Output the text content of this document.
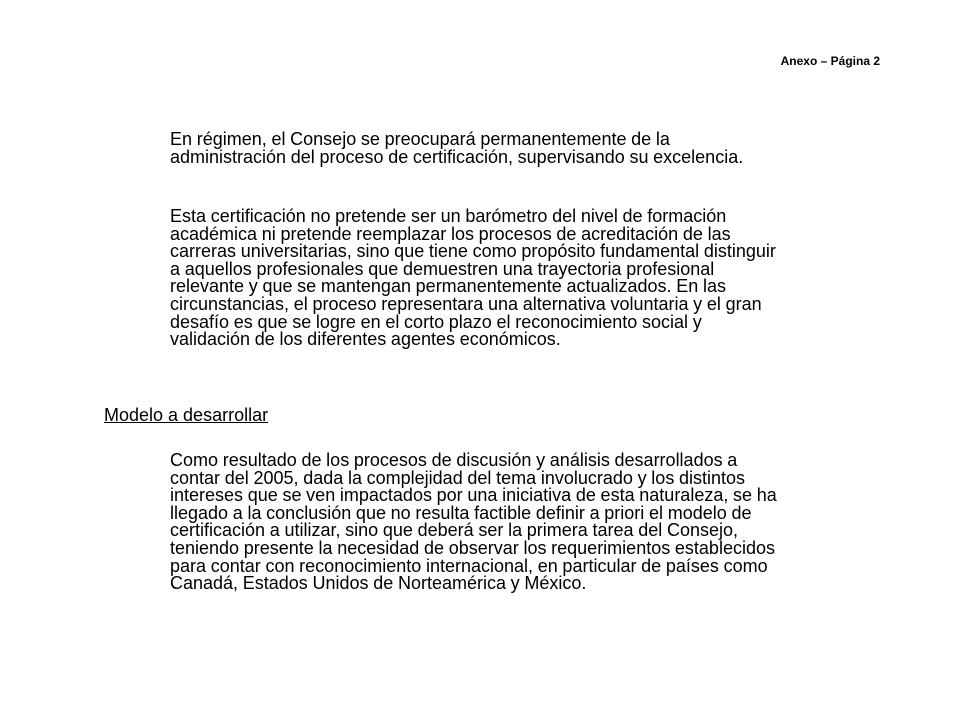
Anexo – Página 2

En régimen, el Consejo se preocupará permanentemente de la
administración del proceso de certificación, supervisando su excelencia.

Esta certificación no pretende ser un barómetro del nivel de formación
académica ni pretende reemplazar los procesos de acreditación de las
carreras universitarias, sino que tiene como propósito fundamental distinguir
a aquellos profesionales que demuestren una trayectoria profesional
relevante y que se mantengan permanentemente actualizados. En las
circunstancias, el proceso representara una alternativa voluntaria y el gran
desafío es que se logre en el corto plazo el reconocimiento social y
validación de los diferentes agentes económicos.

Modelo a desarrollar

Como resultado de los procesos de discusión y análisis desarrollados a
contar del 2005, dada la complejidad del tema involucrado y los distintos
intereses que se ven impactados por una iniciativa de esta naturaleza, se ha
llegado a la conclusión que no resulta factible definir a priori el modelo de
certificación a utilizar, sino que deberá ser la primera tarea del Consejo,
teniendo presente la necesidad de observar los requerimientos establecidos
para contar con reconocimiento internacional, en particular de países como
Canadá, Estados Unidos de Norteamérica y México.
